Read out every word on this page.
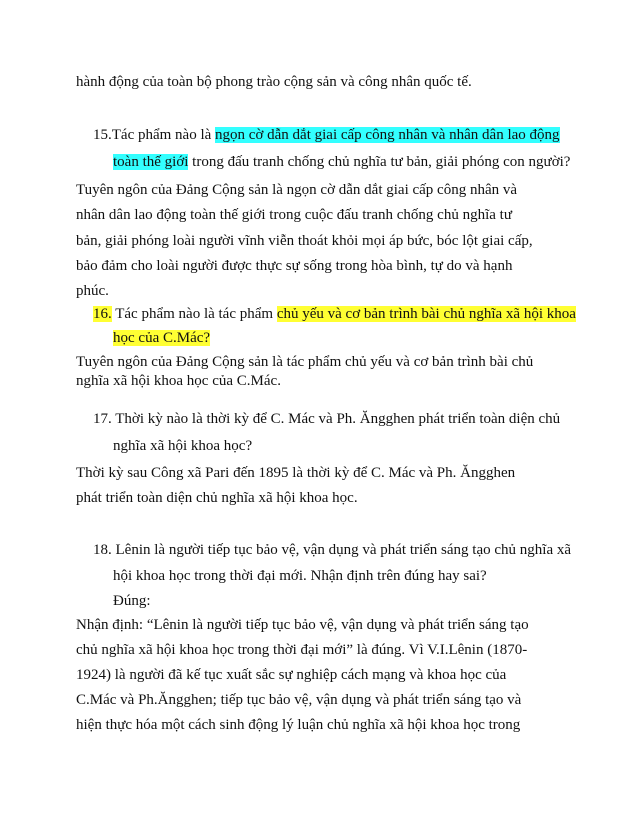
hành động của toàn bộ phong trào cộng sản và công nhân quốc tế.
15.Tác phẩm nào là ngọn cờ dẫn dắt giai cấp công nhân và nhân dân lao động
toàn thế giới trong đấu tranh chống chủ nghĩa tư bản, giải phóng con người?
Tuyên ngôn của Đảng Cộng sản là ngọn cờ dẫn dắt giai cấp công nhân và
nhân dân lao động toàn thế giới trong cuộc đấu tranh chống chủ nghĩa tư
bản, giải phóng loài người vĩnh viễn thoát khỏi mọi áp bức, bóc lột giai cấp,
bảo đảm cho loài người được thực sự sống trong hòa bình, tự do và hạnh
phúc.
16. Tác phẩm nào là tác phẩm chủ yếu và cơ bản trình bài chủ nghĩa xã hội khoa
học của C.Mác?
Tuyên ngôn của Đảng Cộng sản là tác phẩm chủ yếu và cơ bản trình bài chủ
nghĩa xã hội khoa học của C.Mác.
17. Thời kỳ nào là thời kỳ để C. Mác và Ph. Ăngghen phát triển toàn diện chủ
nghĩa xã hội khoa học?
Thời kỳ sau Công xã Pari đến 1895 là thời kỳ để C. Mác và Ph. Ăngghen
phát triển toàn diện chủ nghĩa xã hội khoa học.
18. Lênin là người tiếp tục bảo vệ, vận dụng và phát triển sáng tạo chủ nghĩa xã
hội khoa học trong thời đại mới. Nhận định trên đúng hay sai?
Đúng:
Nhận định: “Lênin là người tiếp tục bảo vệ, vận dụng và phát triển sáng tạo
chủ nghĩa xã hội khoa học trong thời đại mới” là đúng. Vì V.I.Lênin (1870-
1924) là người đã kế tục xuất sắc sự nghiệp cách mạng và khoa học của
C.Mác và Ph.Ăngghen; tiếp tục bảo vệ, vận dụng và phát triển sáng tạo và
hiện thực hóa một cách sinh động lý luận chủ nghĩa xã hội khoa học trong
